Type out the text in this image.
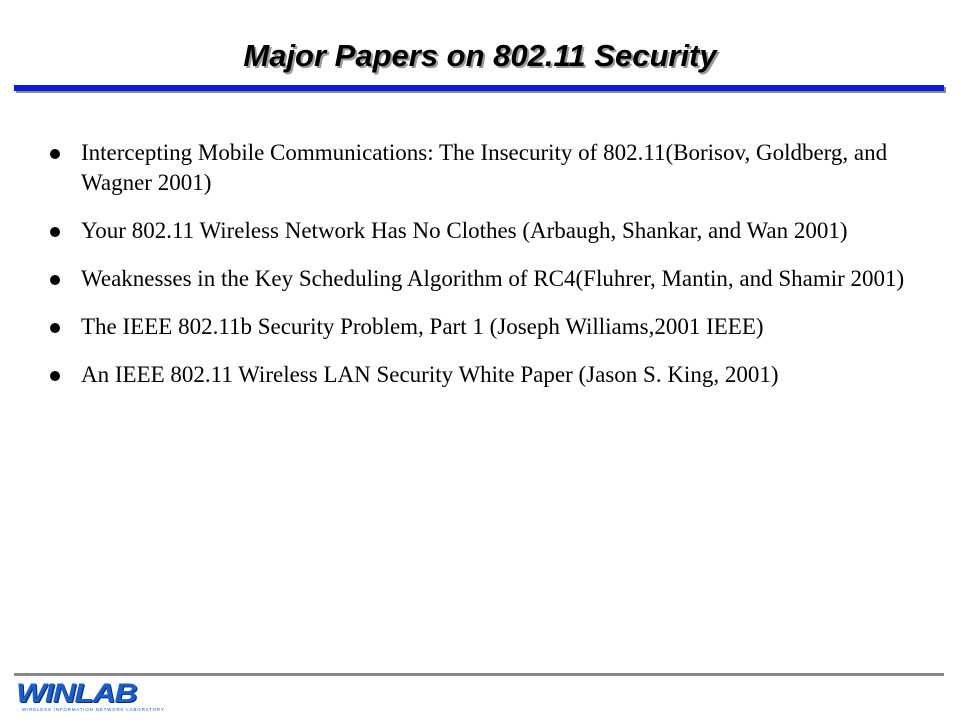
Major Papers on 802.11 Security
Intercepting Mobile Communications: The Insecurity of 802.11(Borisov, Goldberg, and Wagner 2001)
Your 802.11 Wireless Network Has No Clothes (Arbaugh, Shankar, and Wan 2001)
Weaknesses in the Key Scheduling Algorithm of RC4(Fluhrer, Mantin, and Shamir 2001)
The IEEE 802.11b Security Problem, Part 1 (Joseph Williams,2001 IEEE)
An IEEE 802.11 Wireless LAN Security White Paper (Jason S. King, 2001)
WINLAB
WIRELESS INFORMATION NETWORK LABORATORY
